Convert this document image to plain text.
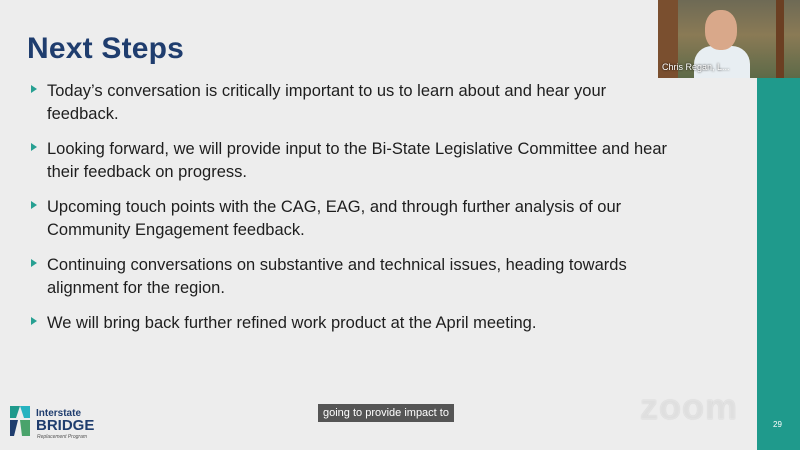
Next Steps
Today’s conversation is critically important to us to learn about and hear your feedback.
Looking forward, we will provide input to the Bi-State Legislative Committee and hear their feedback on progress.
Upcoming touch points with the CAG, EAG, and through further analysis of our Community Engagement feedback.
Continuing conversations on substantive and technical issues, heading towards alignment for the region.
We will bring back further refined work product at the April meeting.
29
Interstate
BRIDGE
Replacement Program
Chris Regan, L...
going to provide impact to	zoom
